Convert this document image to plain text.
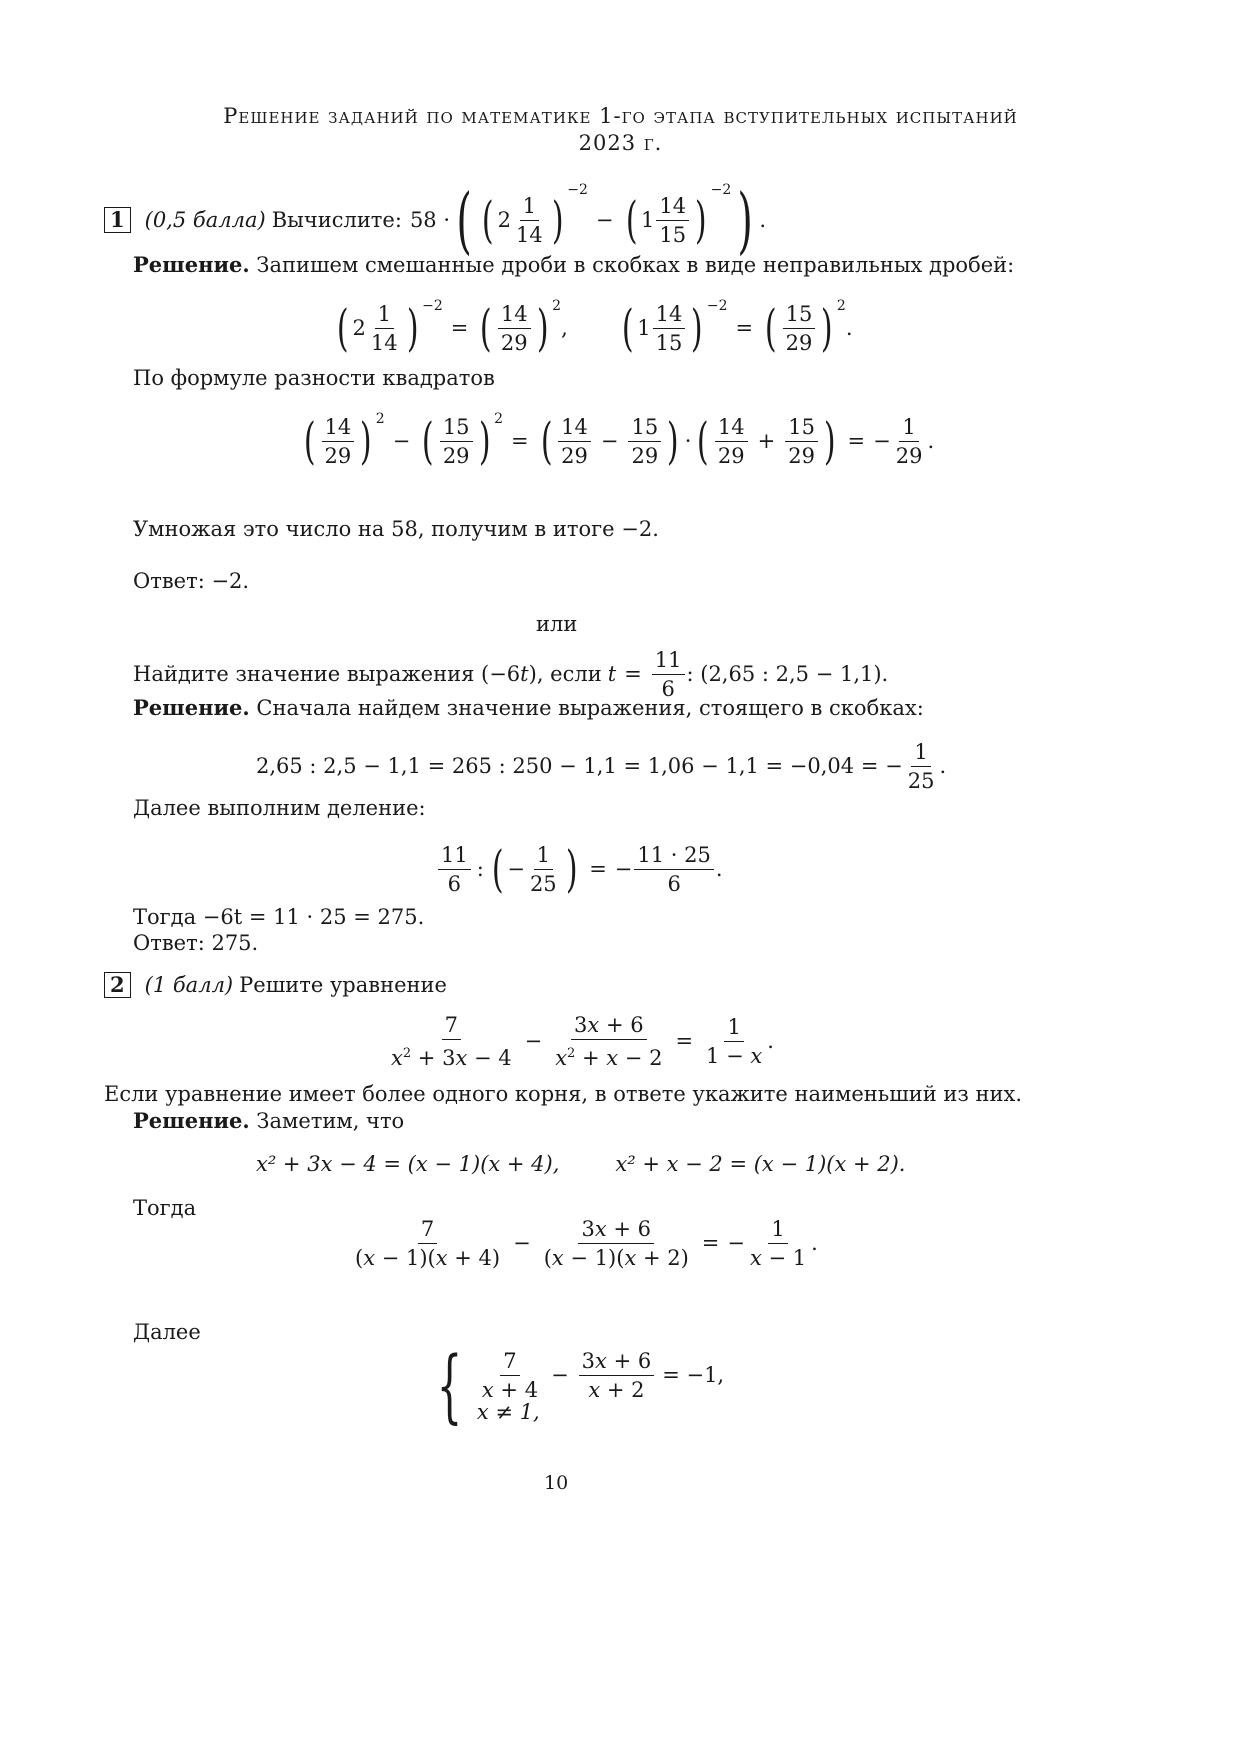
Решение заданий по математике 1-го этапа вступительных испытаний
2023 г.
1 (0,5 балла) Вычислите: 58 · ( ( $2 \frac{1}{14}$ )
−2
− ( $1 \frac{14}{15}$ )
−2 ) .
Решение. Запишем смешанные дроби в скобках в виде неправильных дробей:
( $2 \frac{1}{14}$ ) −2
= ( $\frac{14}{29}$ ) 2
, ( $1 \frac{14}{15}$ ) −2
= ( $\frac{15}{29}$ ) 2
.
По формуле разности квадратов
( $\frac{14}{29}$ ) 2
− ( $\frac{15}{29}$ ) 2
= ( $\frac{14}{29} - \frac{15}{29}$ ) · ( $\frac{14}{29} + \frac{15}{29}$ ) = − $\frac{1}{29}$ .
Умножая это число на 58, получим в итоге −2.
Ответ: −2.
или
Найдите значение выражения (−6 t ), если $t = \frac{11}{6}$ : (2,65 : 2,5 − 1,1).
Решение. Сначала найдем значение выражения, стоящего в скобках:
2,65 : 2,5 − 1,1 = 265 : 250 − 1,1 = 1,06 − 1,1 = −0,04 = − $\frac{1}{25}$ .
Далее выполним деление:
$\frac{11}{6}$ : ( − $\frac{1}{25}$ ) = − $\frac{11 \cdot 25}{6}$ .
Тогда −6t = 11 · 25 = 275.
Ответ: 275.
2 (1 балл) Решите уравнение
$\frac{7}{x^2 + 3x - 4} - \frac{3x + 6}{x^2 + x - 2} = \frac{1}{1 - x}$ .
Если уравнение имеет более одного корня, в ответе укажите наименьший из них.
Решение. Заметим, что
x² + 3x − 4 = (x − 1)(x + 4),	x² + x − 2 = (x − 1)(x + 2).
Тогда
$\frac{7}{(x - 1)(x + 4)} - \frac{3x + 6}{(x - 1)(x + 2)}$ = − $\frac{1}{x - 1}$ .
Далее
{ $\frac{7}{x + 4} - \frac{3x + 6}{x + 2} = -1$,
x ≠ 1,
10
